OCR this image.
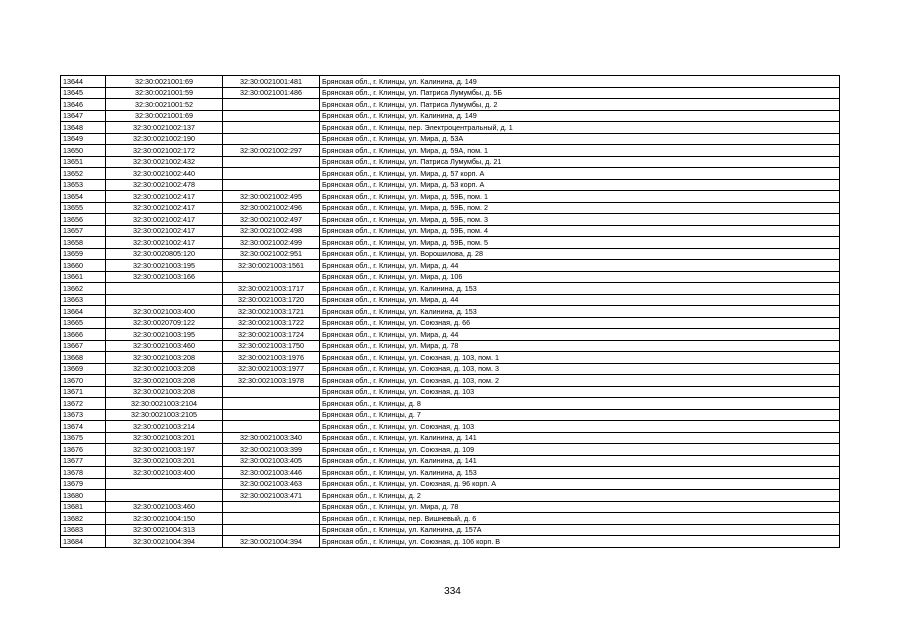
13644	32:30:0021001:69	32:30:0021001:481	Брянская обл., г. Клинцы, ул. Калинина, д. 149
13645	32:30:0021001:59	32:30:0021001:486	Брянская обл., г. Клинцы, ул. Патриса Лумумбы, д. 5Б
13646	32:30:0021001:52		Брянская обл., г. Клинцы, ул. Патриса Лумумбы, д. 2
13647	32:30:0021001:69		Брянская обл., г. Клинцы, ул. Калинина, д. 149
13648	32:30:0021002:137		Брянская обл., г. Клинцы, пер. Электроцентральный, д. 1
13649	32:30:0021002:190		Брянская обл., г. Клинцы, ул. Мира, д. 53А
13650	32:30:0021002:172	32:30:0021002:297	Брянская обл., г. Клинцы, ул. Мира, д. 59А, пом. 1
13651	32:30:0021002:432		Брянская обл., г. Клинцы, ул. Патриса Лумумбы, д. 21
13652	32:30:0021002:440		Брянская обл., г. Клинцы, ул. Мира, д. 57 корп. А
13653	32:30:0021002:478		Брянская обл., г. Клинцы, ул. Мира, д. 53 корп. А
13654	32:30:0021002:417	32:30:0021002:495	Брянская обл., г. Клинцы, ул. Мира, д. 59Б, пом. 1
13655	32:30:0021002:417	32:30:0021002:496	Брянская обл., г. Клинцы, ул. Мира, д. 59Б, пом. 2
13656	32:30:0021002:417	32:30:0021002:497	Брянская обл., г. Клинцы, ул. Мира, д. 59Б, пом. 3
13657	32:30:0021002:417	32:30:0021002:498	Брянская обл., г. Клинцы, ул. Мира, д. 59Б, пом. 4
13658	32:30:0021002:417	32:30:0021002:499	Брянская обл., г. Клинцы, ул. Мира, д. 59Б, пом. 5
13659	32:30:0020805:120	32:30:0021002:951	Брянская обл., г. Клинцы, ул. Ворошилова, д. 28
13660	32:30:0021003:195	32:30:0021003:1561	Брянская обл., г. Клинцы, ул. Мира, д. 44
13661	32:30:0021003:166		Брянская обл., г. Клинцы, ул. Мира, д. 106
13662		32:30:0021003:1717	Брянская обл., г. Клинцы, ул. Калинина, д. 153
13663		32:30:0021003:1720	Брянская обл., г. Клинцы, ул. Мира, д. 44
13664	32:30:0021003:400	32:30:0021003:1721	Брянская обл., г. Клинцы, ул. Калинина, д. 153
13665	32:30:0020709:122	32:30:0021003:1722	Брянская обл., г. Клинцы, ул. Союзная, д. 66
13666	32:30:0021003:195	32:30:0021003:1724	Брянская обл., г. Клинцы, ул. Мира, д. 44
13667	32:30:0021003:460	32:30:0021003:1750	Брянская обл., г. Клинцы, ул. Мира, д. 78
13668	32:30:0021003:208	32:30:0021003:1976	Брянская обл., г. Клинцы, ул. Союзная, д. 103, пом. 1
13669	32:30:0021003:208	32:30:0021003:1977	Брянская обл., г. Клинцы, ул. Союзная, д. 103, пом. 3
13670	32:30:0021003:208	32:30:0021003:1978	Брянская обл., г. Клинцы, ул. Союзная, д. 103, пом. 2
13671	32:30:0021003:208		Брянская обл., г. Клинцы, ул. Союзная, д. 103
13672	32:30:0021003:2104		Брянская обл., г. Клинцы, д. 8
13673	32:30:0021003:2105		Брянская обл., г. Клинцы, д. 7
13674	32:30:0021003:214		Брянская обл., г. Клинцы, ул. Союзная, д. 103
13675	32:30:0021003:201	32:30:0021003:340	Брянская обл., г. Клинцы, ул. Калинина, д. 141
13676	32:30:0021003:197	32:30:0021003:399	Брянская обл., г. Клинцы, ул. Союзная, д. 109
13677	32:30:0021003:201	32:30:0021003:405	Брянская обл., г. Клинцы, ул. Калинина, д. 141
13678	32:30:0021003:400	32:30:0021003:446	Брянская обл., г. Клинцы, ул. Калинина, д. 153
13679		32:30:0021003:463	Брянская обл., г. Клинцы, ул. Союзная, д. 96 корп. А
13680		32:30:0021003:471	Брянская обл., г. Клинцы, д. 2
13681	32:30:0021003:460		Брянская обл., г. Клинцы, ул. Мира, д. 78
13682	32:30:0021004:150		Брянская обл., г. Клинцы, пер. Вишневый, д. 6
13683	32:30:0021004:313		Брянская обл., г. Клинцы, ул. Калинина, д. 157А
13684	32:30:0021004:394	32:30:0021004:394	Брянская обл., г. Клинцы, ул. Союзная, д. 106 корп. В
334
